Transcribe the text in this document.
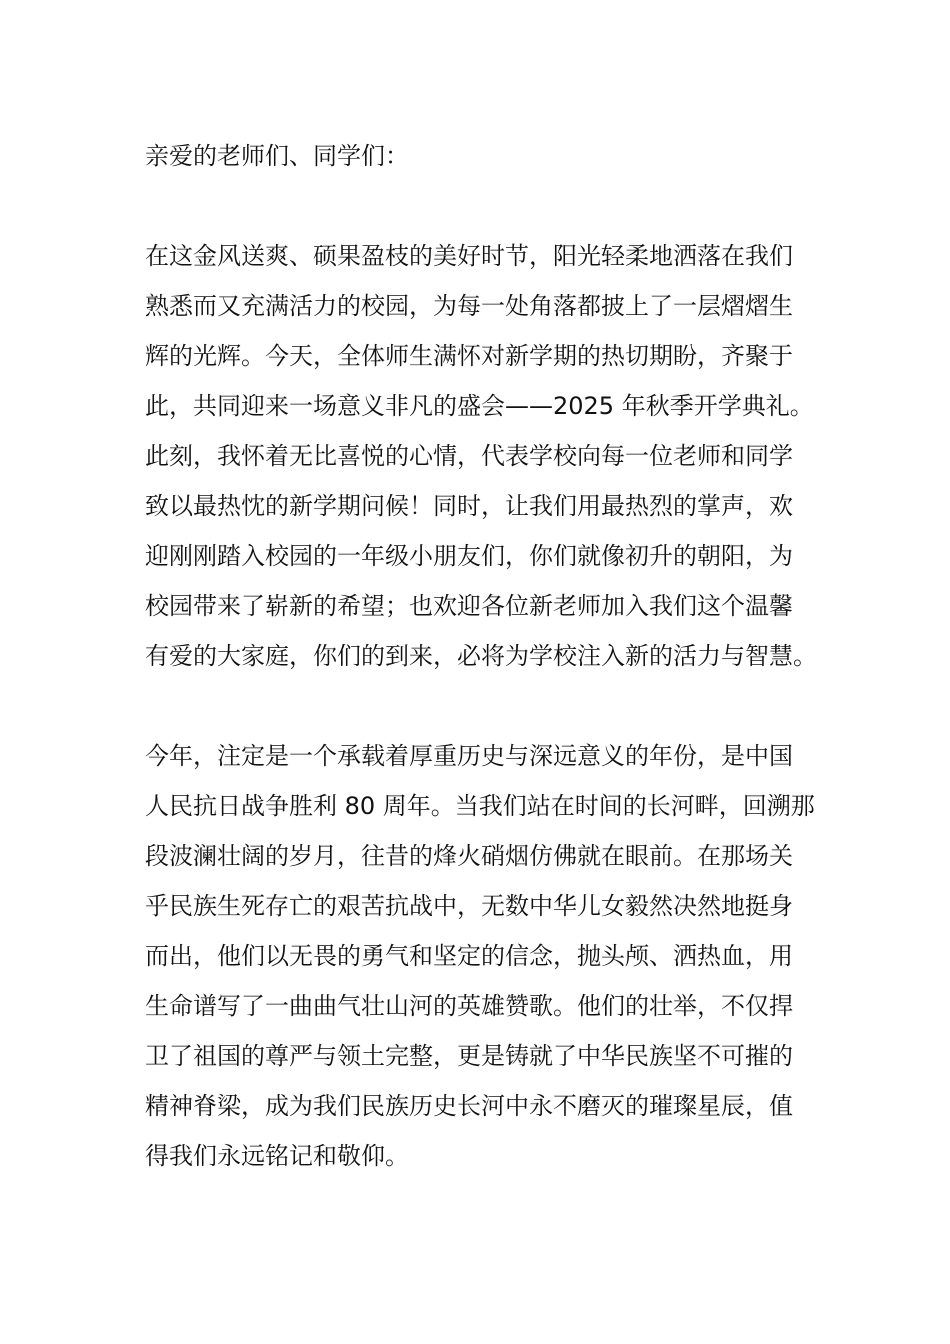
亲爱的老师们、同学们：
在这金风送爽、硕果盈枝的美好时节，阳光轻柔地洒落在我们
熟悉而又充满活力的校园，为每一处角落都披上了一层熠熠生
辉的光辉。今天，全体师生满怀对新学期的热切期盼，齐聚于
此，共同迎来一场意义非凡的盛会——2025 年秋季开学典礼。
此刻，我怀着无比喜悦的心情，代表学校向每一位老师和同学
致以最热忱的新学期问候！同时，让我们用最热烈的掌声，欢
迎刚刚踏入校园的一年级小朋友们，你们就像初升的朝阳，为
校园带来了崭新的希望；也欢迎各位新老师加入我们这个温馨
有爱的大家庭，你们的到来，必将为学校注入新的活力与智慧。
今年，注定是一个承载着厚重历史与深远意义的年份，是中国
人民抗日战争胜利 80 周年。当我们站在时间的长河畔，回溯那
段波澜壮阔的岁月，往昔的烽火硝烟仿佛就在眼前。在那场关
乎民族生死存亡的艰苦抗战中，无数中华儿女毅然决然地挺身
而出，他们以无畏的勇气和坚定的信念，抛头颅、洒热血，用
生命谱写了一曲曲气壮山河的英雄赞歌。他们的壮举，不仅捍
卫了祖国的尊严与领土完整，更是铸就了中华民族坚不可摧的
精神脊梁，成为我们民族历史长河中永不磨灭的璀璨星辰，值
得我们永远铭记和敬仰。
